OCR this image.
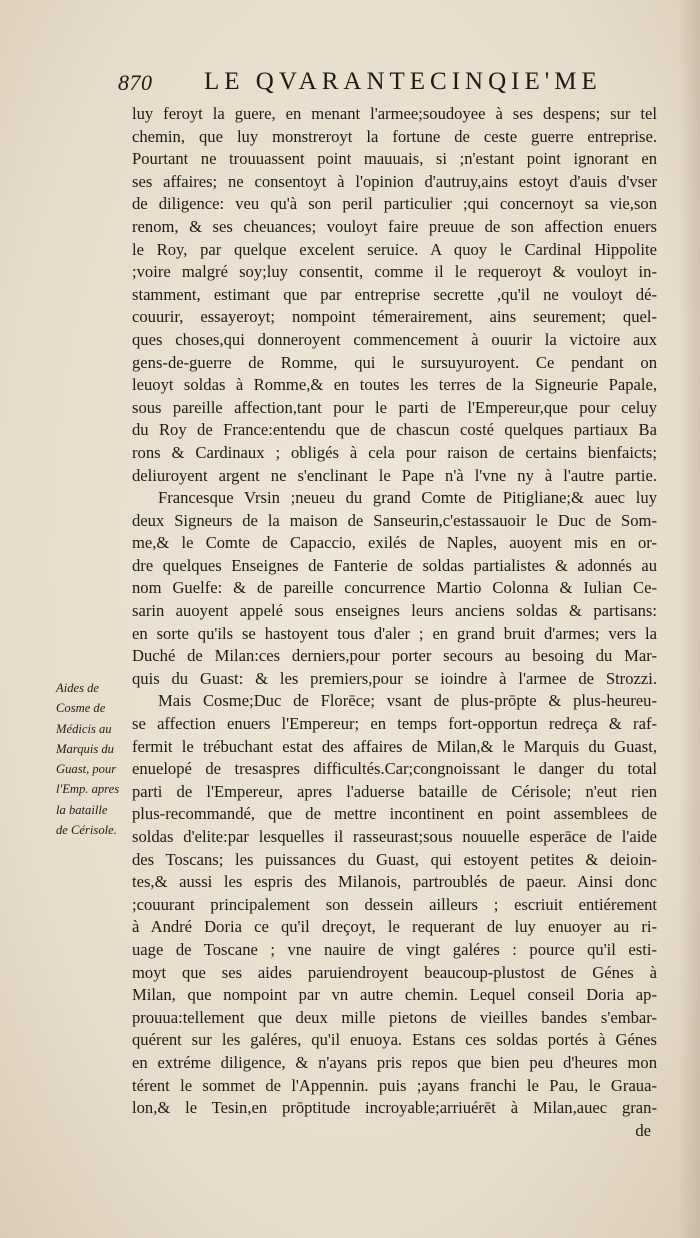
870 LE QVARANTECINQIE'ME
Aides de
Cosme de
Médicis au
Marquis du
Guast, pour
l'Emp. apres
la bataille
de Cérisole.
luy feroyt la guere, en menant l'armee;soudoyee à ses despens; sur tel
chemin, que luy monstreroyt la fortune de ceste guerre entreprise.
Pourtant ne trouuassent point mauuais, si ;n'estant point ignorant en
ses affaires; ne consentoyt à l'opinion d'autruy,ains estoyt d'auis d'vser
de diligence: veu qu'à son peril particulier ;qui concernoyt sa vie,son
renom, & ses cheuances; vouloyt faire preuue de son affection enuers
le Roy, par quelque excelent seruice. A quoy le Cardinal Hippolite
;voire malgré soy;luy consentit, comme il le requeroyt & vouloyt in-
stamment, estimant que par entreprise secrette ,qu'il ne vouloyt dé-
couurir, essayeroyt; nompoint témerairement, ains seurement; quel-
ques choses,qui donneroyent commencement à ouurir la victoire aux
gens-de-guerre de Romme, qui le sursuyuroyent. Ce pendant on
leuoyt soldas à Romme,& en toutes les terres de la Signeurie Papale,
sous pareille affection,tant pour le parti de l'Empereur,que pour celuy
du Roy de France:entendu que de chascun costé quelques partiaux Ba
rons & Cardinaux ; obligés à cela pour raison de certains bienfaicts;
deliuroyent argent ne s'enclinant le Pape n'à l'vne ny à l'autre partie.
Francesque Vrsin ;neueu du grand Comte de Pitigliane;& auec luy
deux Signeurs de la maison de Sanseurin,c'estassauoir le Duc de Som-
me,& le Comte de Capaccio, exilés de Naples, auoyent mis en or-
dre quelques Enseignes de Fanterie de soldas partialistes & adonnés au
nom Guelfe: & de pareille concurrence Martio Colonna & Iulian Ce-
sarin auoyent appelé sous enseignes leurs anciens soldas & partisans:
en sorte qu'ils se hastoyent tous d'aler ; en grand bruit d'armes; vers la
Duché de Milan:ces derniers,pour porter secours au besoing du Mar-
quis du Guast: & les premiers,pour se ioindre à l'armee de Strozzi.
Mais Cosme;Duc de Florēce; vsant de plus-prōpte & plus-heureu-
se affection enuers l'Empereur; en temps fort-opportun redreça & raf-
fermit le trébuchant estat des affaires de Milan,& le Marquis du Guast,
enuelopé de tresaspres difficultés.Car;congnoissant le danger du total
parti de l'Empereur, apres l'aduerse bataille de Cérisole; n'eut rien
plus-recommandé, que de mettre incontinent en point assemblees de
soldas d'elite:par lesquelles il rasseurast;sous nouuelle esperāce de l'aide
des Toscans; les puissances du Guast, qui estoyent petites & deioin-
tes,& aussi les espris des Milanois, partroublés de paeur. Ainsi donc
;couurant principalement son dessein ailleurs ; escriuit entiérement
à André Doria ce qu'il dreçoyt, le requerant de luy enuoyer au ri-
uage de Toscane ; vne nauire de vingt galéres : pource qu'il esti-
moyt que ses aides paruiendroyent beaucoup-plustost de Génes à
Milan, que nompoint par vn autre chemin. Lequel conseil Doria ap-
prouua:tellement que deux mille pietons de vieilles bandes s'embar-
quérent sur les galéres, qu'il enuoya. Estans ces soldas portés à Génes
en extréme diligence, & n'ayans pris repos que bien peu d'heures mon
térent le sommet de l'Appennin. puis ;ayans franchi le Pau, le Graua-
lon,& le Tesin,en prōptitude incroyable;arriuérēt à Milan,auec gran-
de
